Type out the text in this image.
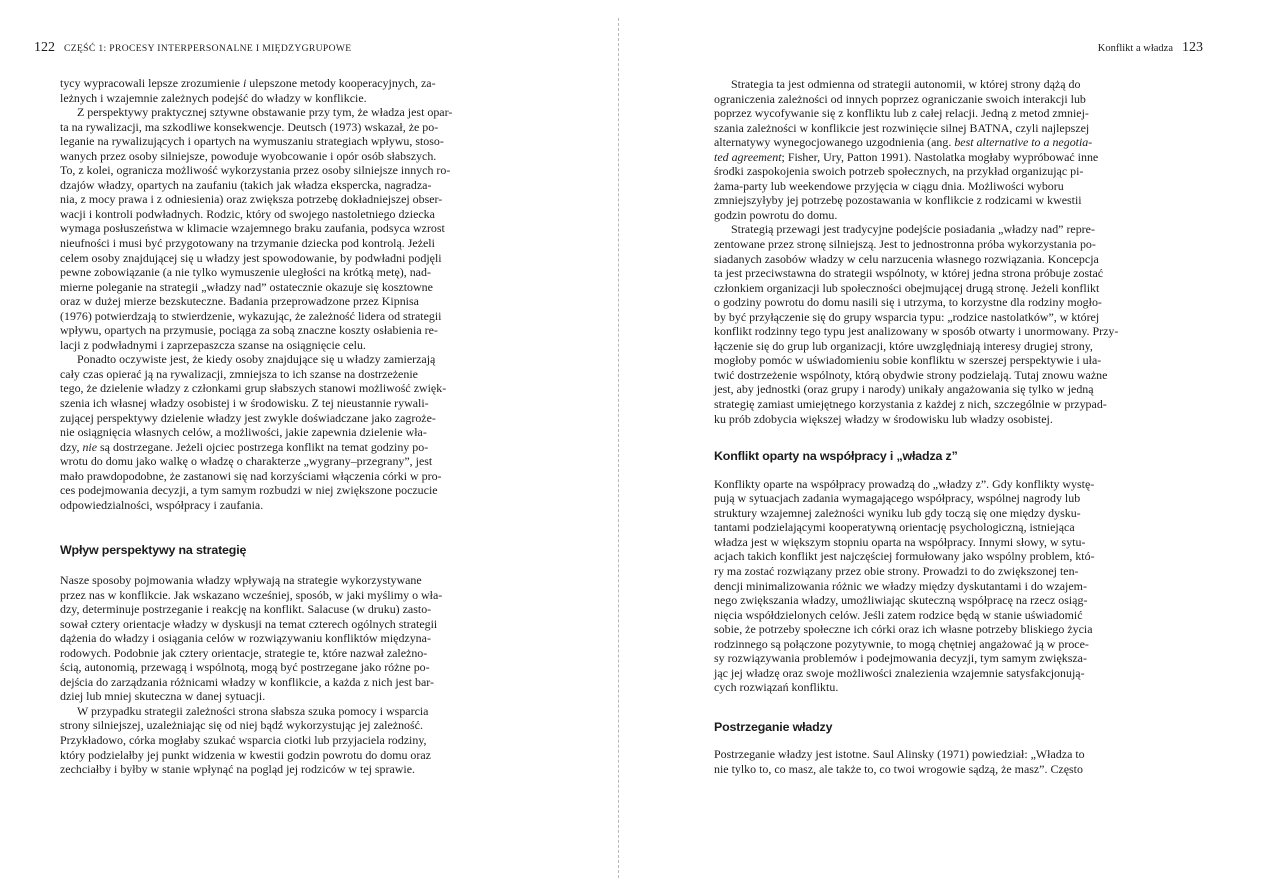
122 CZĘŚĆ 1: PROCESY INTERPERSONALNE I MIĘDZYGRUPOWE

tycy wypracowali lepsze zrozumienie i ulepszone metody kooperacyjnych, za-
leżnych i wzajemnie zależnych podejść do władzy w konflikcie.

Z perspektywy praktycznej sztywne obstawanie przy tym, że władza jest opar-
ta na rywalizacji, ma szkodliwe konsekwencje. Deutsch (1973) wskazał, że po-
leganie na rywalizujących i opartych na wymuszaniu strategiach wpływu, stoso-
wanych przez osoby silniejsze, powoduje wyobcowanie i opór osób słabszych.
To, z kolei, ogranicza możliwość wykorzystania przez osoby silniejsze innych ro-
dzajów władzy, opartych na zaufaniu (takich jak władza ekspercka, nagradza-
nia, z mocy prawa i z odniesienia) oraz zwiększa potrzebę dokładniejszej obser-
wacji i kontroli podwładnych. Rodzic, który od swojego nastoletniego dziecka
wymaga posłuszeństwa w klimacie wzajemnego braku zaufania, podsyca wzrost
nieufności i musi być przygotowany na trzymanie dziecka pod kontrolą. Jeżeli
celem osoby znajdującej się u władzy jest spowodowanie, by podwładni podjęli
pewne zobowiązanie (a nie tylko wymuszenie uległości na krótką metę), nad-
mierne poleganie na strategii „władzy nad” ostatecznie okazuje się kosztowne
oraz w dużej mierze bezskuteczne. Badania przeprowadzone przez Kipnisa
(1976) potwierdzają to stwierdzenie, wykazując, że zależność lidera od strategii
wpływu, opartych na przymusie, pociąga za sobą znaczne koszty osłabienia re-
lacji z podwładnymi i zaprzepaszcza szanse na osiągnięcie celu.

Ponadto oczywiste jest, że kiedy osoby znajdujące się u władzy zamierzają
cały czas opierać ją na rywalizacji, zmniejsza to ich szanse na dostrzeżenie
tego, że dzielenie władzy z członkami grup słabszych stanowi możliwość zwięk-
szenia ich własnej władzy osobistej i w środowisku. Z tej nieustannie rywali-
zującej perspektywy dzielenie władzy jest zwykle doświadczane jako zagroże-
nie osiągnięcia własnych celów, a możliwości, jakie zapewnia dzielenie wła-
dzy, nie są dostrzegane. Jeżeli ojciec postrzega konflikt na temat godziny po-
wrotu do domu jako walkę o władzę o charakterze „wygrany–przegrany”, jest
mało prawdopodobne, że zastanowi się nad korzyściami włączenia córki w pro-
ces podejmowania decyzji, a tym samym rozbudzi w niej zwiększone poczucie
odpowiedzialności, współpracy i zaufania.

Wpływ perspektywy na strategię

Nasze sposoby pojmowania władzy wpływają na strategie wykorzystywane
przez nas w konflikcie. Jak wskazano wcześniej, sposób, w jaki myślimy o wła-
dzy, determinuje postrzeganie i reakcję na konflikt. Salacuse (w druku) zasto-
sował cztery orientacje władzy w dyskusji na temat czterech ogólnych strategii
dążenia do władzy i osiągania celów w rozwiązywaniu konfliktów międzyna-
rodowych. Podobnie jak cztery orientacje, strategie te, które nazwał zależno-
ścią, autonomią, przewagą i wspólnotą, mogą być postrzegane jako różne po-
dejścia do zarządzania różnicami władzy w konflikcie, a każda z nich jest bar-
dziej lub mniej skuteczna w danej sytuacji.

W przypadku strategii zależności strona słabsza szuka pomocy i wsparcia
strony silniejszej, uzależniając się od niej bądź wykorzystując jej zależność.
Przykładowo, córka mogłaby szukać wsparcia ciotki lub przyjaciela rodziny,
który podzielałby jej punkt widzenia w kwestii godzin powrotu do domu oraz
zechciałby i byłby w stanie wpłynąć na pogląd jej rodziców w tej sprawie.

Konflikt a władza 123

Strategia ta jest odmienna od strategii autonomii, w której strony dążą do
ograniczenia zależności od innych poprzez ograniczanie swoich interakcji lub
poprzez wycofywanie się z konfliktu lub z całej relacji. Jedną z metod zmniej-
szania zależności w konflikcie jest rozwinięcie silnej BATNA, czyli najlepszej
alternatywy wynegocjowanego uzgodnienia (ang. best alternative to a negotia-
ted agreement; Fisher, Ury, Patton 1991). Nastolatka mogłaby wypróbować inne
środki zaspokojenia swoich potrzeb społecznych, na przykład organizując pi-
żama-party lub weekendowe przyjęcia w ciągu dnia. Możliwości wyboru
zmniejszyłyby jej potrzebę pozostawania w konflikcie z rodzicami w kwestii
godzin powrotu do domu.

Strategią przewagi jest tradycyjne podejście posiadania „władzy nad” repre-
zentowane przez stronę silniejszą. Jest to jednostronna próba wykorzystania po-
siadanych zasobów władzy w celu narzucenia własnego rozwiązania. Koncepcja
ta jest przeciwstawna do strategii wspólnoty, w której jedna strona próbuje zostać
członkiem organizacji lub społeczności obejmującej drugą stronę. Jeżeli konflikt
o godziny powrotu do domu nasili się i utrzyma, to korzystne dla rodziny mogło-
by być przyłączenie się do grupy wsparcia typu: „rodzice nastolatków”, w której
konflikt rodzinny tego typu jest analizowany w sposób otwarty i unormowany. Przy-
łączenie się do grup lub organizacji, które uwzględniają interesy drugiej strony,
mogłoby pomóc w uświadomieniu sobie konfliktu w szerszej perspektywie i uła-
twić dostrzeżenie wspólnoty, którą obydwie strony podzielają. Tutaj znowu ważne
jest, aby jednostki (oraz grupy i narody) unikały angażowania się tylko w jedną
strategię zamiast umiejętnego korzystania z każdej z nich, szczególnie w przypad-
ku prób zdobycia większej władzy w środowisku lub władzy osobistej.

Konflikt oparty na współpracy i „władza z”

Konflikty oparte na współpracy prowadzą do „władzy z”. Gdy konflikty wystę-
pują w sytuacjach zadania wymagającego współpracy, wspólnej nagrody lub
struktury wzajemnej zależności wyniku lub gdy toczą się one między dysku-
tantami podzielającymi kooperatywną orientację psychologiczną, istniejąca
władza jest w większym stopniu oparta na współpracy. Innymi słowy, w sytu-
acjach takich konflikt jest najczęściej formułowany jako wspólny problem, któ-
ry ma zostać rozwiązany przez obie strony. Prowadzi to do zwiększonej ten-
dencji minimalizowania różnic we władzy między dyskutantami i do wzajem-
nego zwiększania władzy, umożliwiając skuteczną współpracę na rzecz osiąg-
nięcia współdzielonych celów. Jeśli zatem rodzice będą w stanie uświadomić
sobie, że potrzeby społeczne ich córki oraz ich własne potrzeby bliskiego życia
rodzinnego są połączone pozytywnie, to mogą chętniej angażować ją w proce-
sy rozwiązywania problemów i podejmowania decyzji, tym samym zwiększa-
jąc jej władzę oraz swoje możliwości znalezienia wzajemnie satysfakcjonują-
cych rozwiązań konfliktu.

Postrzeganie władzy

Postrzeganie władzy jest istotne. Saul Alinsky (1971) powiedział: „Władza to
nie tylko to, co masz, ale także to, co twoi wrogowie sądzą, że masz”. Często
